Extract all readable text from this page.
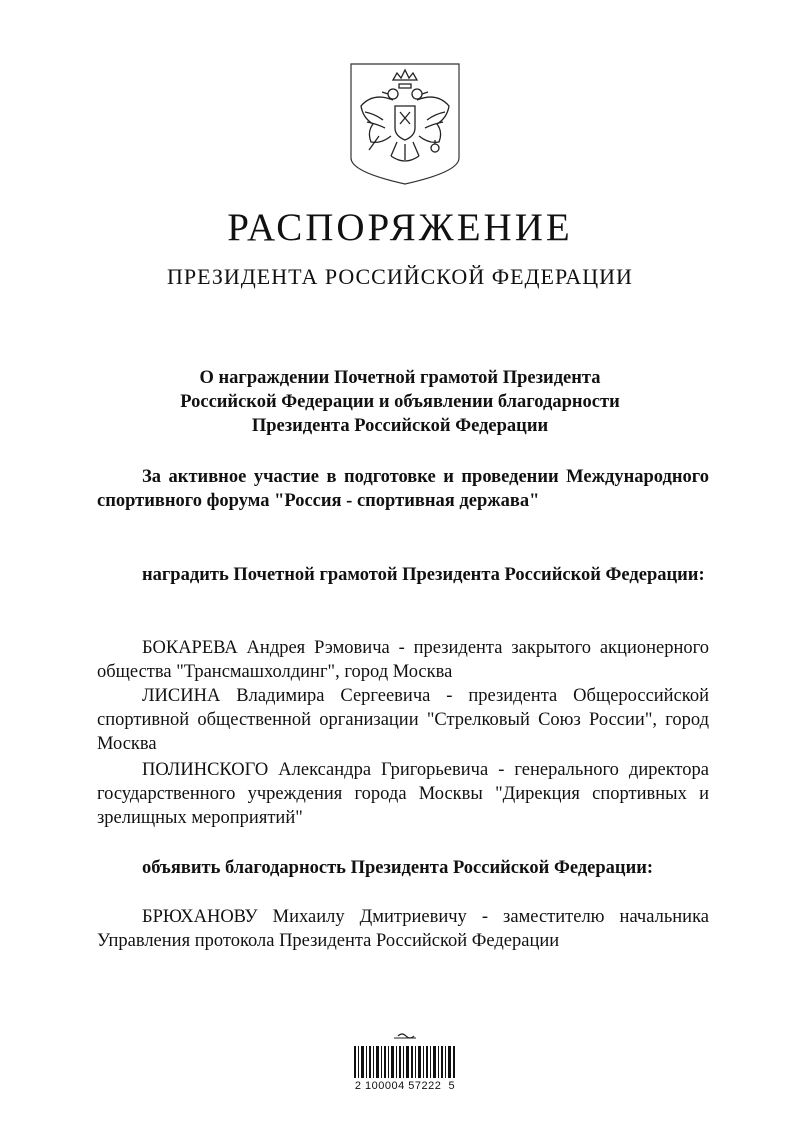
РАСПОРЯЖЕНИЕ
ПРЕЗИДЕНТА РОССИЙСКОЙ ФЕДЕРАЦИИ
О награждении Почетной грамотой Президента
Российской Федерации и объявлении благодарности
Президента Российской Федерации
За активное участие в подготовке и проведении Международного спортивного форума "Россия - спортивная держава"
наградить Почетной грамотой Президента Российской Федерации:
БОКАРЕВА Андрея Рэмовича - президента закрытого акционерного общества "Трансмашхолдинг", город Москва
ЛИСИНА Владимира Сергеевича - президента Общероссийской спортивной общественной организации "Стрелковый Союз России", город Москва
ПОЛИНСКОГО Александра Григорьевича - генерального директора государственного учреждения города Москвы "Дирекция спортивных и зрелищных мероприятий"
объявить благодарность Президента Российской Федерации:
БРЮХАНОВУ Михаилу Дмитриевичу - заместителю начальника Управления протокола Президента Российской Федерации
2 100004 57222  5
